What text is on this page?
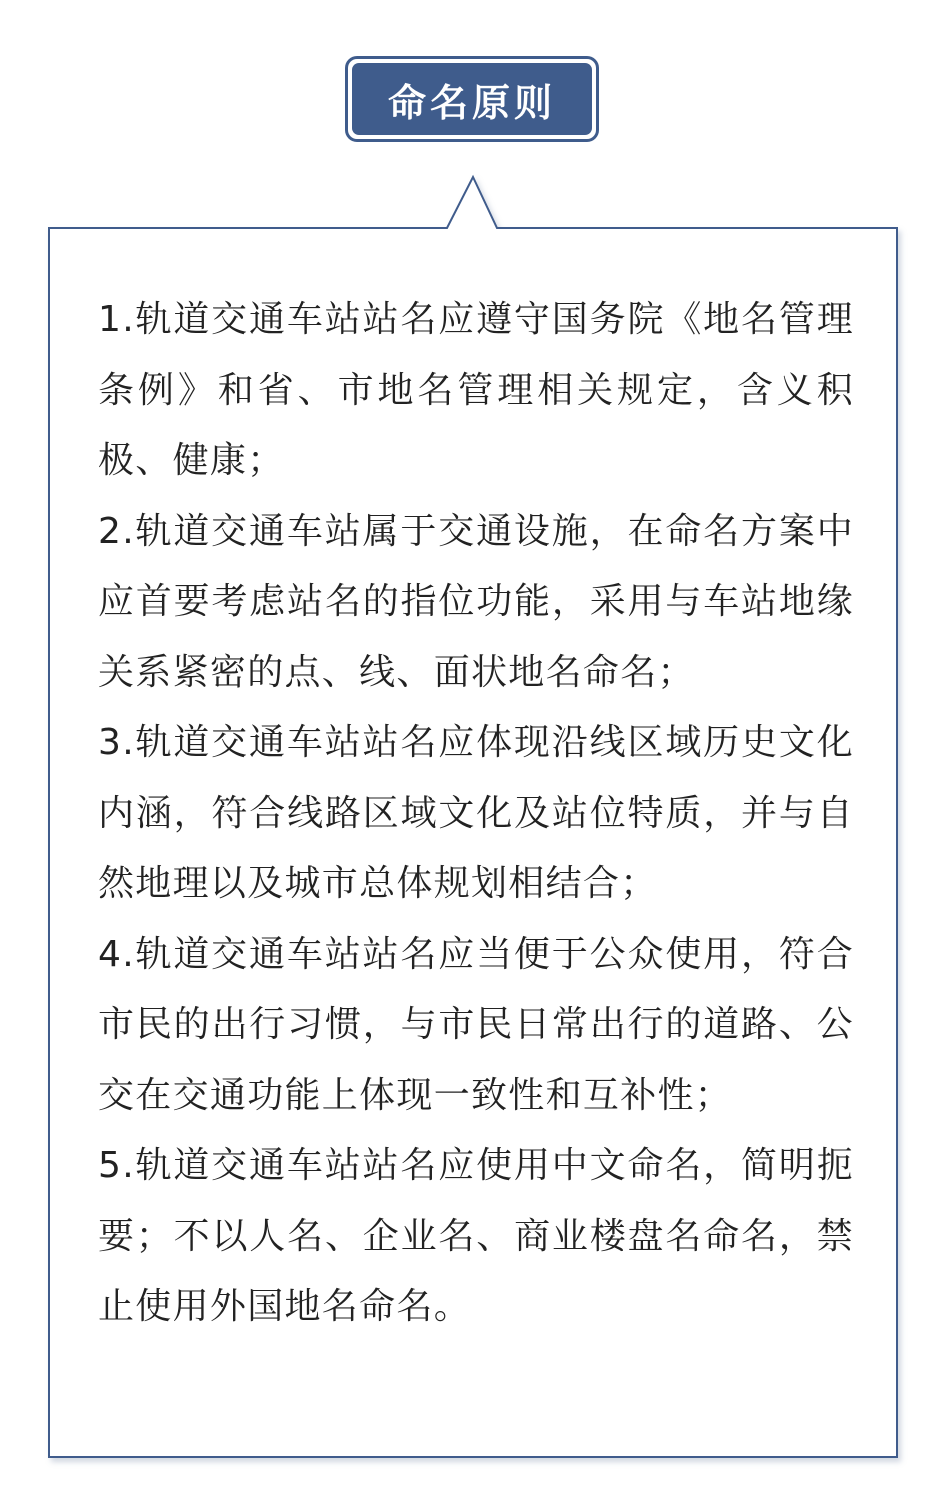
命名原则

1.轨道交通车站站名应遵守国务院《地名管理条例》和省、市地名管理相关规定，含义积极、健康；

2.轨道交通车站属于交通设施，在命名方案中应首要考虑站名的指位功能，采用与车站地缘关系紧密的点、线、面状地名命名；

3.轨道交通车站站名应体现沿线区域历史文化内涵，符合线路区域文化及站位特质，并与自然地理以及城市总体规划相结合；

4.轨道交通车站站名应当便于公众使用，符合市民的出行习惯，与市民日常出行的道路、公交在交通功能上体现一致性和互补性；

5.轨道交通车站站名应使用中文命名，简明扼要；不以人名、企业名、商业楼盘名命名，禁止使用外国地名命名。
